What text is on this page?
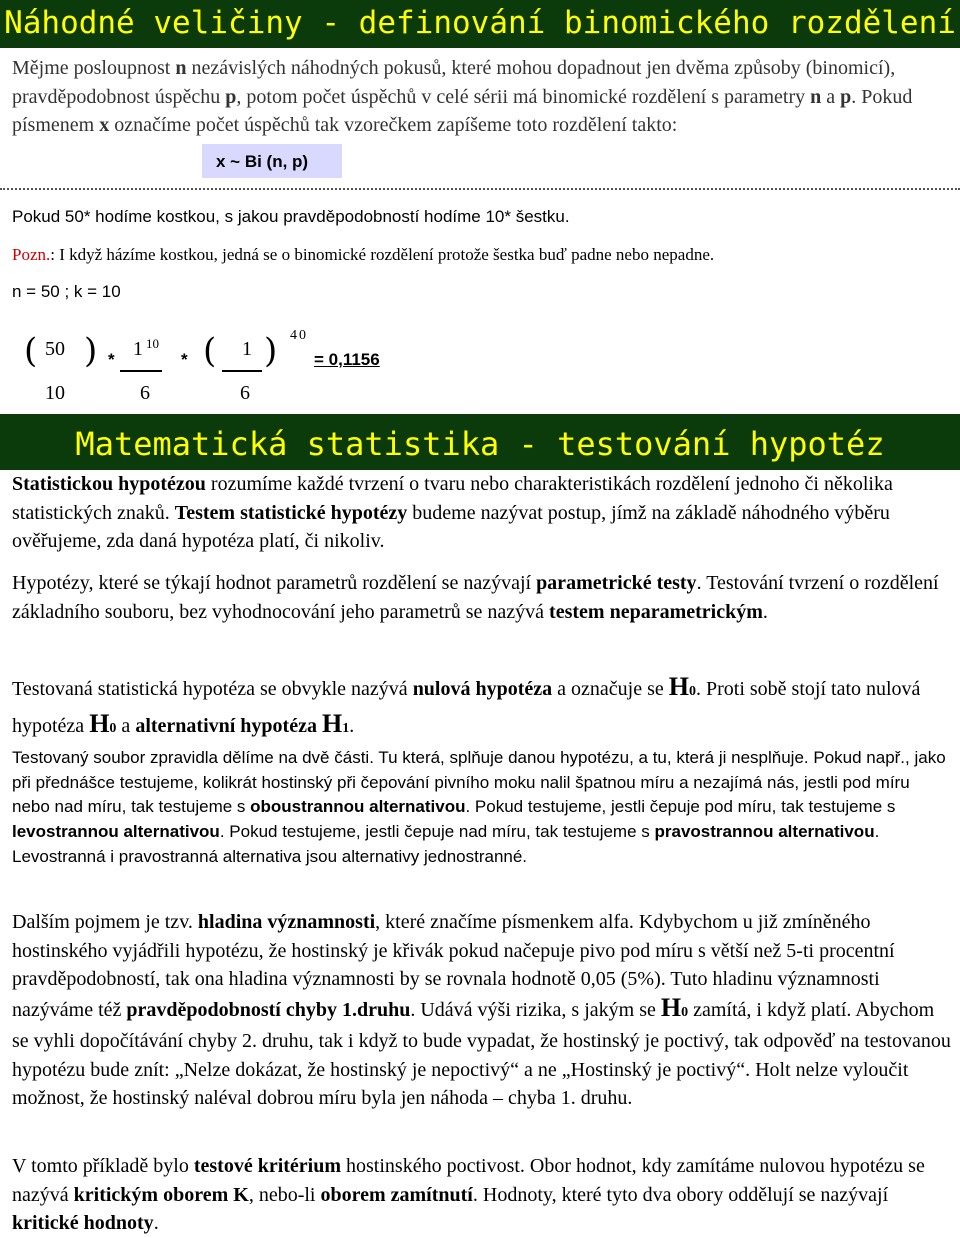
Náhodné veličiny - definování binomického rozdělení
Mějme posloupnost n nezávislých náhodných pokusů, které mohou dopadnout jen dvěma způsoby (binomicí), pravděpodobnost úspěchu p, potom počet úspěchů v celé sérii má binomické rozdělení s parametry n a p. Pokud písmenem x označíme počet úspěchů tak vzorečkem zapíšeme toto rozdělení takto:
x ~ Bi (n, p)
Pokud 50* hodíme kostkou, s jakou pravděpodobností hodíme 10* šestku.
Pozn.: I když házíme kostkou, jedná se o binomické rozdělení protože šestka buď padne nebo nepadne.
n = 50 ; k = 10
( 50
10
) * 1 10
6
* ( 1
6
) 40
= 0,1156
Matematická statistika - testování hypotéz
Statistickou hypotézou rozumíme každé tvrzení o tvaru nebo charakteristikách rozdělení jednoho či několika statistických znaků. Testem statistické hypotézy budeme nazývat postup, jímž na základě náhodného výběru ověřujeme, zda daná hypotéza platí, či nikoliv.
Hypotézy, které se týkají hodnot parametrů rozdělení se nazývají parametrické testy. Testování tvrzení o rozdělení základního souboru, bez vyhodnocování jeho parametrů se nazývá testem neparametrickým.
Testovaná statistická hypotéza se obvykle nazývá nulová hypotéza a označuje se H0. Proti sobě stojí tato nulová hypotéza H0 a alternativní hypotéza H1.
Testovaný soubor zpravidla dělíme na dvě části. Tu která, splňuje danou hypotézu, a tu, která ji nesplňuje. Pokud např., jako při přednášce testujeme, kolikrát hostinský při čepování pivního moku nalil špatnou míru a nezajímá nás, jestli pod míru nebo nad míru, tak testujeme s oboustrannou alternativou. Pokud testujeme, jestli čepuje pod míru, tak testujeme s levostrannou alternativou. Pokud testujeme, jestli čepuje nad míru, tak testujeme s pravostrannou alternativou. Levostranná i pravostranná alternativa jsou alternativy jednostranné.
Dalším pojmem je tzv. hladina významnosti, které značíme písmenkem alfa. Kdybychom u již zmíněného hostinského vyjádřili hypotézu, že hostinský je křivák pokud načepuje pivo pod míru s větší než 5-ti procentní pravděpodobností, tak ona hladina významnosti by se rovnala hodnotě 0,05 (5%). Tuto hladinu významnosti nazýváme též pravděpodobností chyby 1.druhu. Udává výši rizika, s jakým se H0 zamítá, i když platí. Abychom se vyhli dopočítávání chyby 2. druhu, tak i když to bude vypadat, že hostinský je poctivý, tak odpověď na testovanou hypotézu bude znít: „Nelze dokázat, že hostinský je nepoctivý“ a ne „Hostinský je poctivý“. Holt nelze vyloučit možnost, že hostinský naléval dobrou míru byla jen náhoda – chyba 1. druhu.
V tomto příkladě bylo testové kritérium hostinského poctivost. Obor hodnot, kdy zamítáme nulovou hypotézu se nazývá kritickým oborem K, nebo-li oborem zamítnutí. Hodnoty, které tyto dva obory oddělují se nazývají kritické hodnoty.
